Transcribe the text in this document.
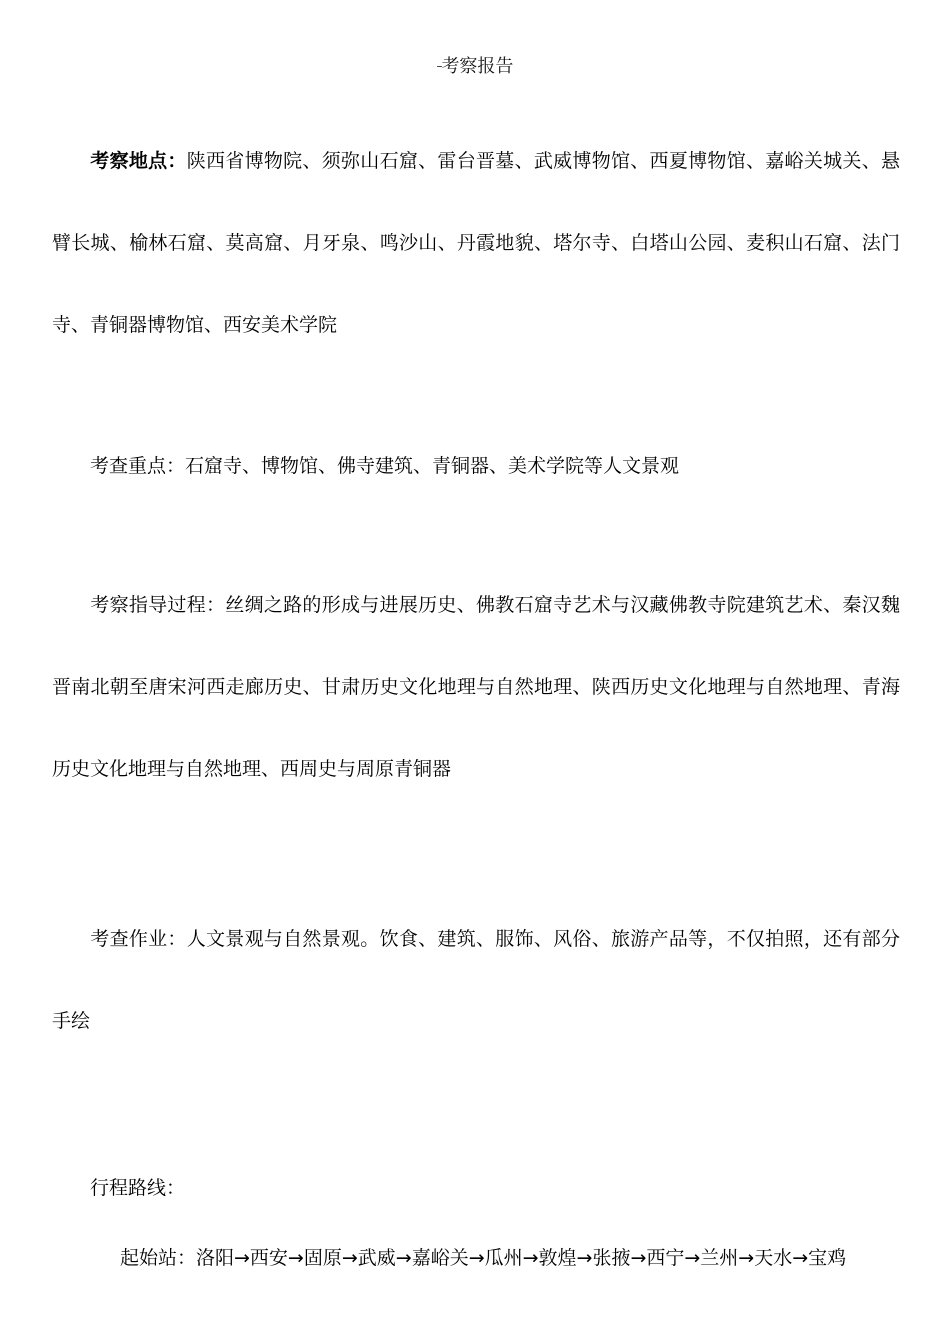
--考察报告

考察地点：陕西省博物院、须弥山石窟、雷台晋墓、武威博物馆、西夏博物馆、嘉峪关城关、悬臂长城、榆林石窟、莫高窟、月牙泉、鸣沙山、丹霞地貌、塔尔寺、白塔山公园、麦积山石窟、法门寺、青铜器博物馆、西安美术学院

考查重点：石窟寺、博物馆、佛寺建筑、青铜器、美术学院等人文景观

考察指导过程：丝绸之路的形成与进展历史、佛教石窟寺艺术与汉藏佛教寺院建筑艺术、秦汉魏晋南北朝至唐宋河西走廊历史、甘肃历史文化地理与自然地理、陕西历史文化地理与自然地理、青海历史文化地理与自然地理、西周史与周原青铜器

考查作业：人文景观与自然景观。饮食、建筑、服饰、风俗、旅游产品等，不仅拍照，还有部分手绘

行程路线：

起始站：洛阳→西安→固原→武威→嘉峪关→瓜州→敦煌→张掖→西宁→兰州→天水→宝鸡
